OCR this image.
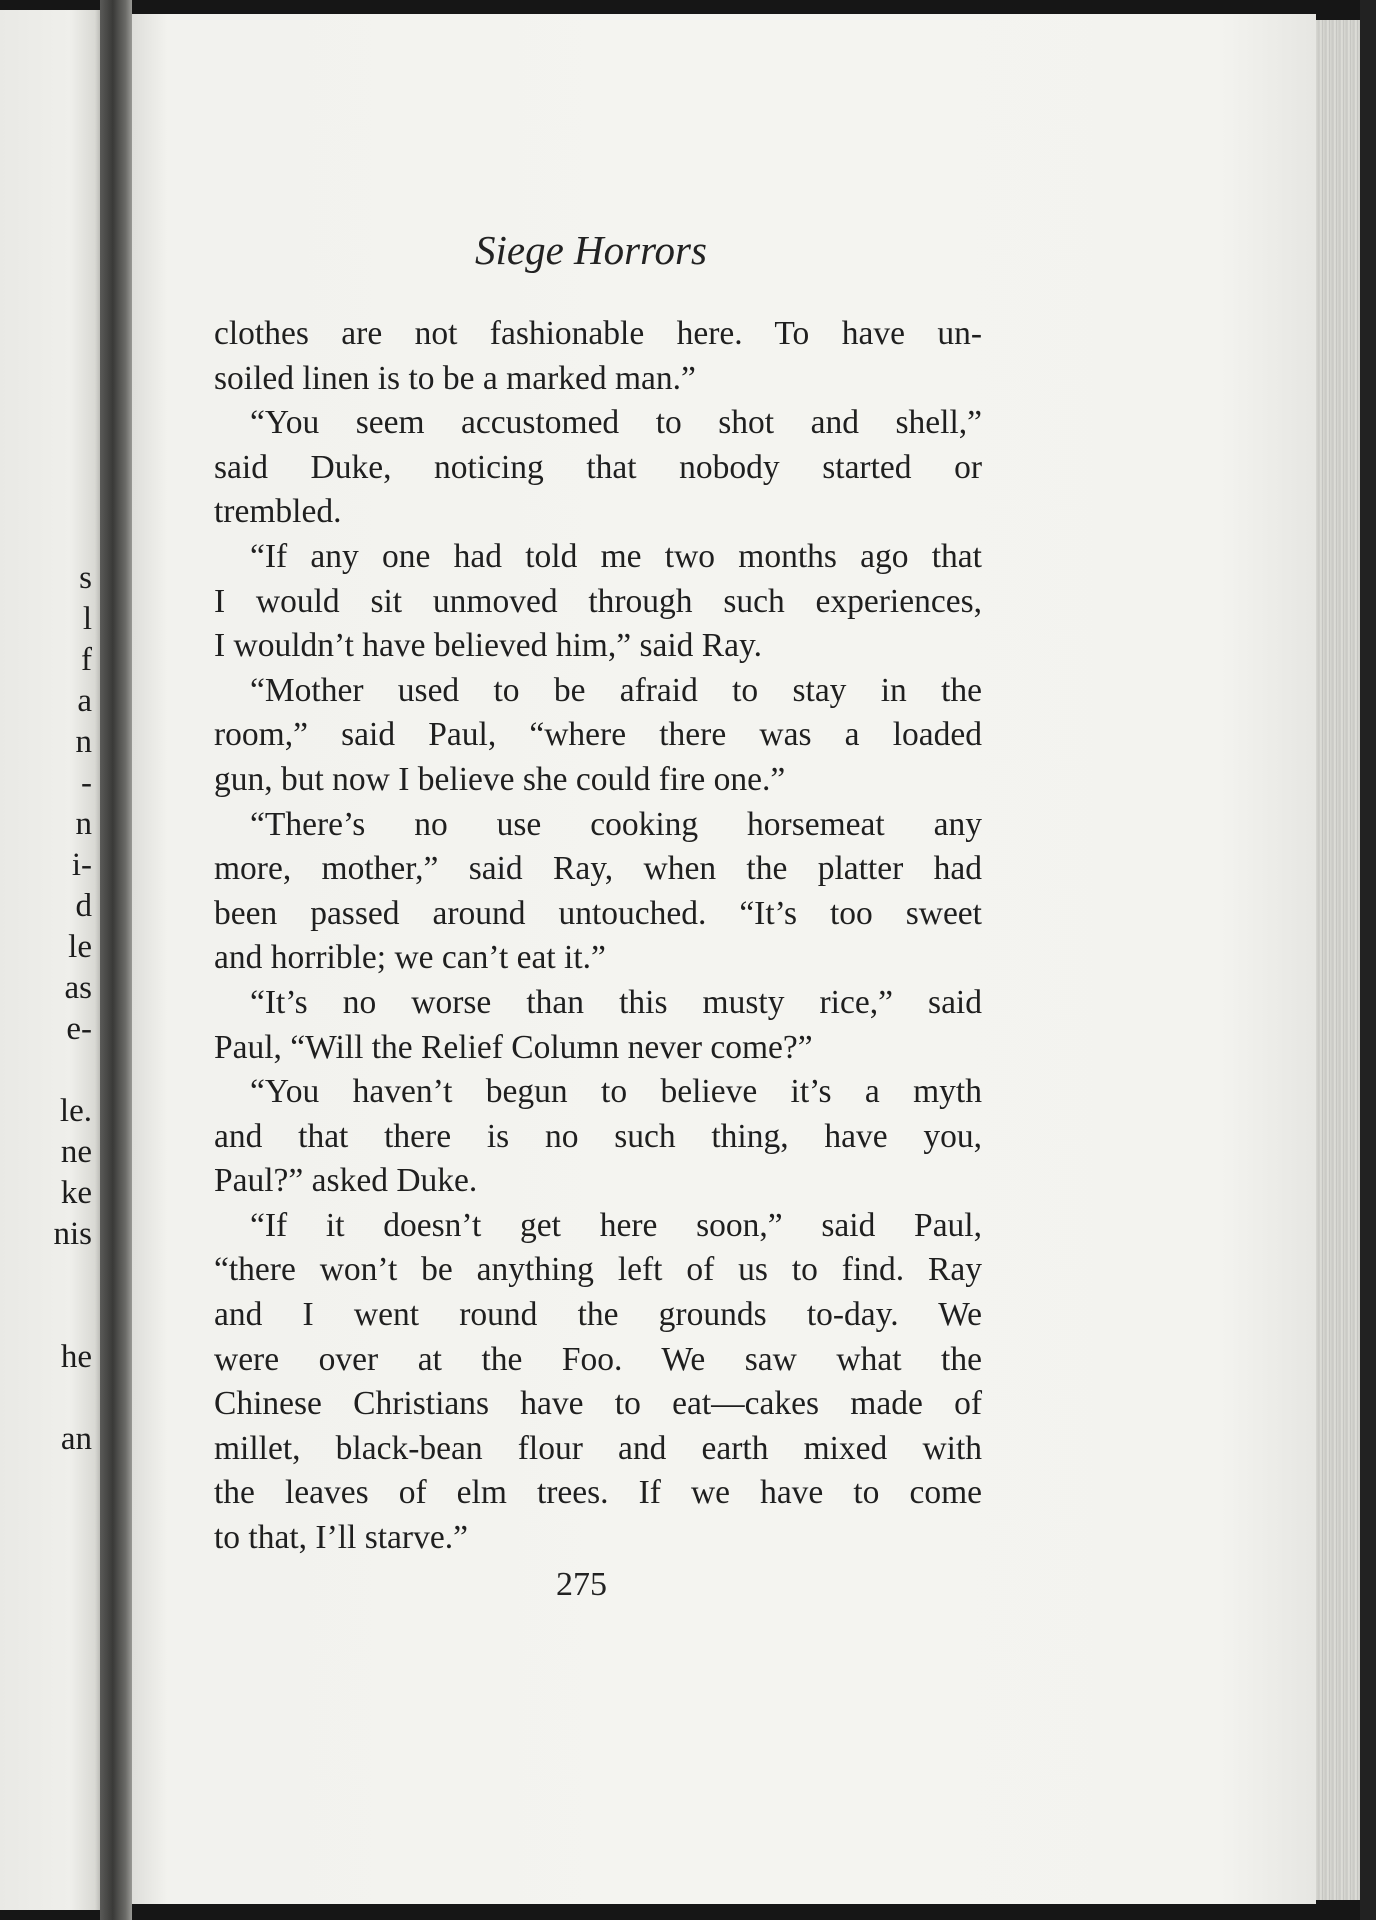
s
l
f
a
n
-
n
i-
d
le
as
e-
le.
ne
ke
nis
he
an
Siege Horrors
clothes are not fashionable here. To have un-
soiled linen is to be a marked man.”
“You seem accustomed to shot and shell,”
said Duke, noticing that nobody started or
trembled.
“If any one had told me two months ago that
I would sit unmoved through such experiences,
I wouldn’t have believed him,” said Ray.
“Mother used to be afraid to stay in the
room,” said Paul, “where there was a loaded
gun, but now I believe she could fire one.”
“There’s no use cooking horsemeat any
more, mother,” said Ray, when the platter had
been passed around untouched. “It’s too sweet
and horrible; we can’t eat it.”
“It’s no worse than this musty rice,” said
Paul, “Will the Relief Column never come?”
“You haven’t begun to believe it’s a myth
and that there is no such thing, have you,
Paul?” asked Duke.
“If it doesn’t get here soon,” said Paul,
“there won’t be anything left of us to find. Ray
and I went round the grounds to-day. We
were over at the Foo. We saw what the
Chinese Christians have to eat—cakes made of
millet, black-bean flour and earth mixed with
the leaves of elm trees. If we have to come
to that, I’ll starve.”
275
